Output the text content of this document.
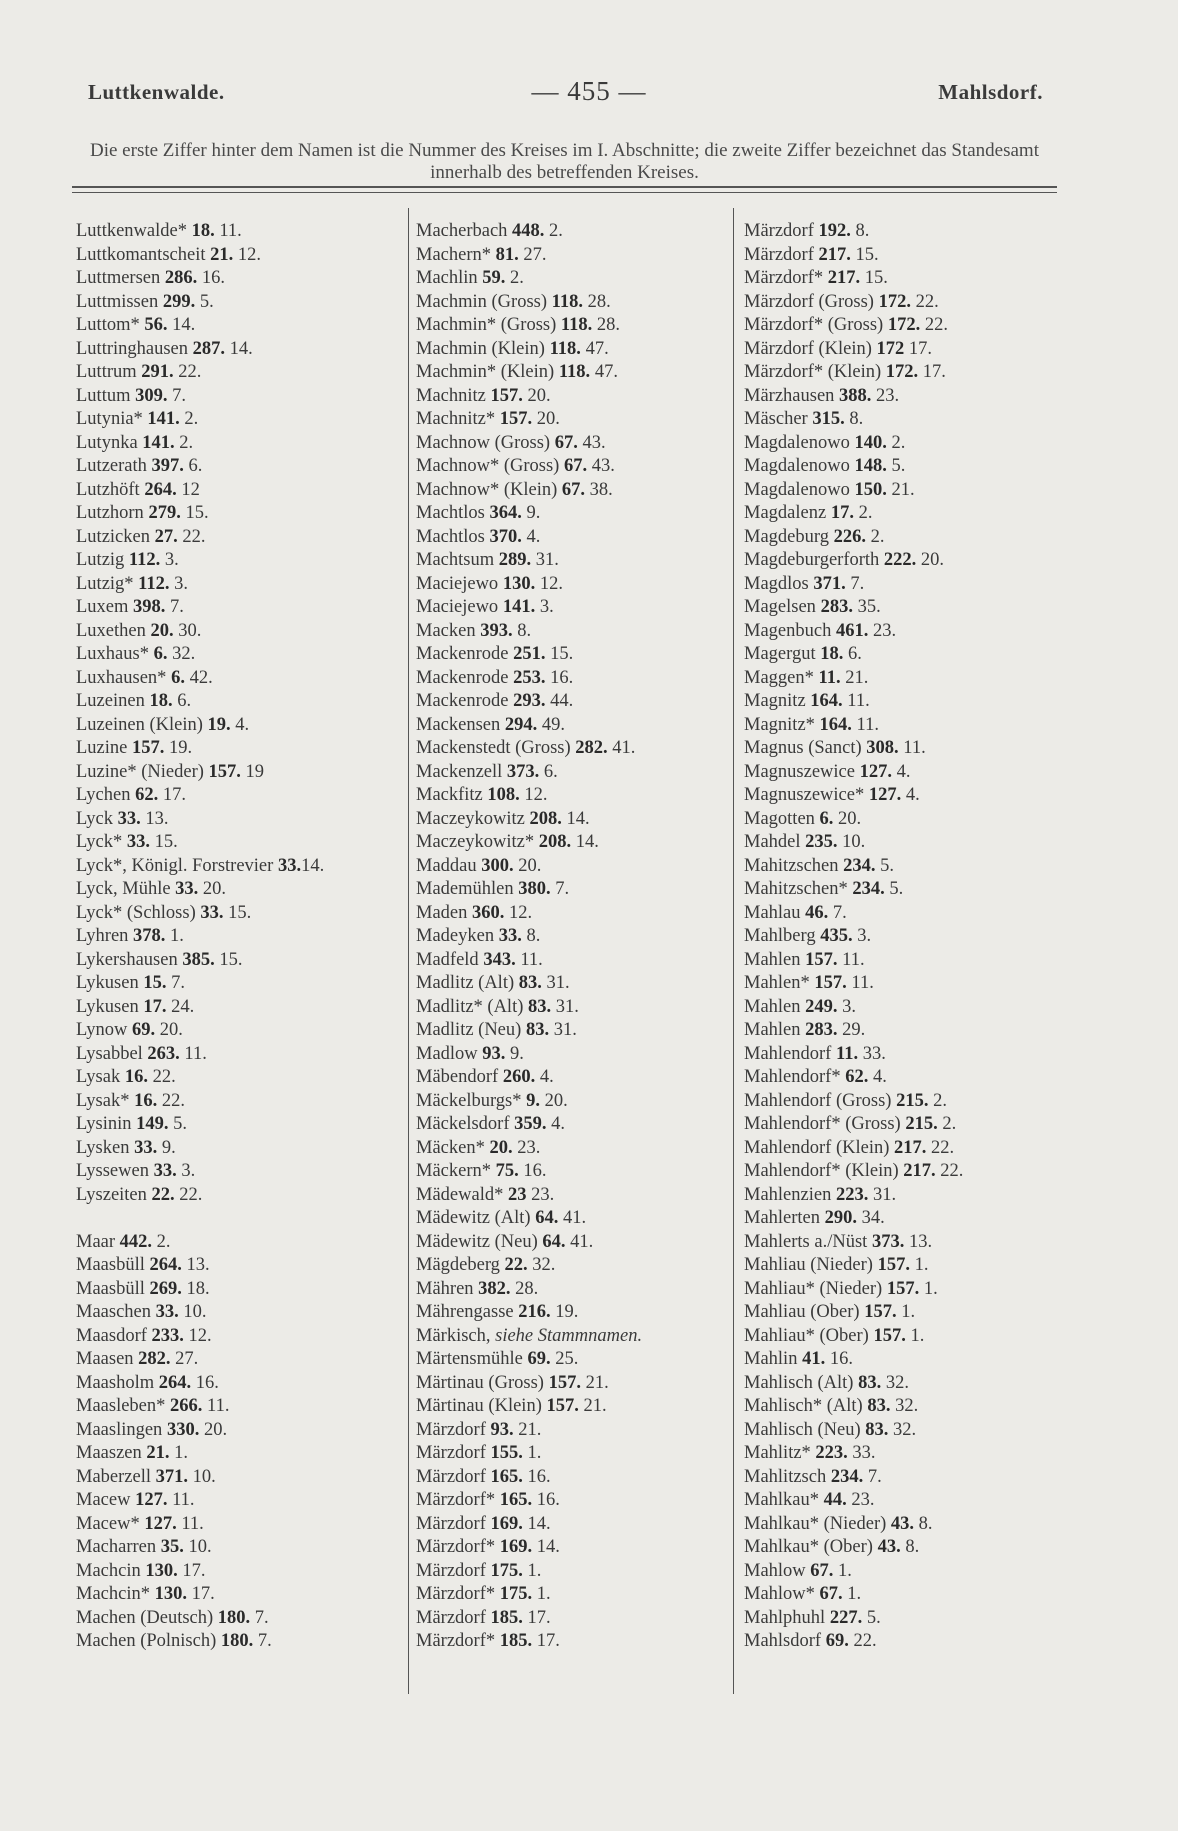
Luttkenwalde.	— 455 —	Mahlsdorf.
Die erste Ziffer hinter dem Namen ist die Nummer des Kreises im I. Abschnitte; die zweite Ziffer bezeichnet das Standesamt innerhalb des betreffenden Kreises.
Luttkenwalde* 18. 11.
Luttkomantscheit 21. 12.
Luttmersen 286. 16.
Luttmissen 299. 5.
Luttom* 56. 14.
Luttringhausen 287. 14.
Luttrum 291. 22.
Luttum 309. 7.
Lutynia* 141. 2.
Lutynka 141. 2.
Lutzerath 397. 6.
Lutzhöft 264. 12
Lutzhorn 279. 15.
Lutzicken 27. 22.
Lutzig 112. 3.
Lutzig* 112. 3.
Luxem 398. 7.
Luxethen 20. 30.
Luxhaus* 6. 32.
Luxhausen* 6. 42.
Luzeinen 18. 6.
Luzeinen (Klein) 19. 4.
Luzine 157. 19.
Luzine* (Nieder) 157. 19
Lychen 62. 17.
Lyck 33. 13.
Lyck* 33. 15.
Lyck*, Königl. Forstrevier 33.14.
Lyck, Mühle 33. 20.
Lyck* (Schloss) 33. 15.
Lyhren 378. 1.
Lykershausen 385. 15.
Lykusen 15. 7.
Lykusen 17. 24.
Lynow 69. 20.
Lysabbel 263. 11.
Lysak 16. 22.
Lysak* 16. 22.
Lysinin 149. 5.
Lysken 33. 9.
Lyssewen 33. 3.
Lyszeiten 22. 22.
Maar 442. 2.
Maasbüll 264. 13.
Maasbüll 269. 18.
Maaschen 33. 10.
Maasdorf 233. 12.
Maasen 282. 27.
Maasholm 264. 16.
Maasleben* 266. 11.
Maaslingen 330. 20.
Maaszen 21. 1.
Maberzell 371. 10.
Macew 127. 11.
Macew* 127. 11.
Macharren 35. 10.
Machcin 130. 17.
Machcin* 130. 17.
Machen (Deutsch) 180. 7.
Machen (Polnisch) 180. 7.
Macherbach 448. 2.
Machern* 81. 27.
Machlin 59. 2.
Machmin (Gross) 118. 28.
Machmin* (Gross) 118. 28.
Machmin (Klein) 118. 47.
Machmin* (Klein) 118. 47.
Machnitz 157. 20.
Machnitz* 157. 20.
Machnow (Gross) 67. 43.
Machnow* (Gross) 67. 43.
Machnow* (Klein) 67. 38.
Machtlos 364. 9.
Machtlos 370. 4.
Machtsum 289. 31.
Maciejewo 130. 12.
Maciejewo 141. 3.
Macken 393. 8.
Mackenrode 251. 15.
Mackenrode 253. 16.
Mackenrode 293. 44.
Mackensen 294. 49.
Mackenstedt (Gross) 282. 41.
Mackenzell 373. 6.
Mackfitz 108. 12.
Maczeykowitz 208. 14.
Maczeykowitz* 208. 14.
Maddau 300. 20.
Mademühlen 380. 7.
Maden 360. 12.
Madeyken 33. 8.
Madfeld 343. 11.
Madlitz (Alt) 83. 31.
Madlitz* (Alt) 83. 31.
Madlitz (Neu) 83. 31.
Madlow 93. 9.
Mäbendorf 260. 4.
Mäckelburgs* 9. 20.
Mäckelsdorf 359. 4.
Mäcken* 20. 23.
Mäckern* 75. 16.
Mädewald* 23 23.
Mädewitz (Alt) 64. 41.
Mädewitz (Neu) 64. 41.
Mägdeberg 22. 32.
Mähren 382. 28.
Mährengasse 216. 19.
Märkisch, siehe Stammnamen.
Märtensmühle 69. 25.
Märtinau (Gross) 157. 21.
Märtinau (Klein) 157. 21.
Märzdorf 93. 21.
Märzdorf 155. 1.
Märzdorf 165. 16.
Märzdorf* 165. 16.
Märzdorf 169. 14.
Märzdorf* 169. 14.
Märzdorf 175. 1.
Märzdorf* 175. 1.
Märzdorf 185. 17.
Märzdorf* 185. 17.
Märzdorf 192. 8.
Märzdorf 217. 15.
Märzdorf* 217. 15.
Märzdorf (Gross) 172. 22.
Märzdorf* (Gross) 172. 22.
Märzdorf (Klein) 172 17.
Märzdorf* (Klein) 172. 17.
Märzhausen 388. 23.
Mäscher 315. 8.
Magdalenowo 140. 2.
Magdalenowo 148. 5.
Magdalenowo 150. 21.
Magdalenz 17. 2.
Magdeburg 226. 2.
Magdeburgerforth 222. 20.
Magdlos 371. 7.
Magelsen 283. 35.
Magenbuch 461. 23.
Magergut 18. 6.
Maggen* 11. 21.
Magnitz 164. 11.
Magnitz* 164. 11.
Magnus (Sanct) 308. 11.
Magnuszewice 127. 4.
Magnuszewice* 127. 4.
Magotten 6. 20.
Mahdel 235. 10.
Mahitzschen 234. 5.
Mahitzschen* 234. 5.
Mahlau 46. 7.
Mahlberg 435. 3.
Mahlen 157. 11.
Mahlen* 157. 11.
Mahlen 249. 3.
Mahlen 283. 29.
Mahlendorf 11. 33.
Mahlendorf* 62. 4.
Mahlendorf (Gross) 215. 2.
Mahlendorf* (Gross) 215. 2.
Mahlendorf (Klein) 217. 22.
Mahlendorf* (Klein) 217. 22.
Mahlenzien 223. 31.
Mahlerten 290. 34.
Mahlerts a./Nüst 373. 13.
Mahliau (Nieder) 157. 1.
Mahliau* (Nieder) 157. 1.
Mahliau (Ober) 157. 1.
Mahliau* (Ober) 157. 1.
Mahlin 41. 16.
Mahlisch (Alt) 83. 32.
Mahlisch* (Alt) 83. 32.
Mahlisch (Neu) 83. 32.
Mahlitz* 223. 33.
Mahlitzsch 234. 7.
Mahlkau* 44. 23.
Mahlkau* (Nieder) 43. 8.
Mahlkau* (Ober) 43. 8.
Mahlow 67. 1.
Mahlow* 67. 1.
Mahlphuhl 227. 5.
Mahlsdorf 69. 22.
